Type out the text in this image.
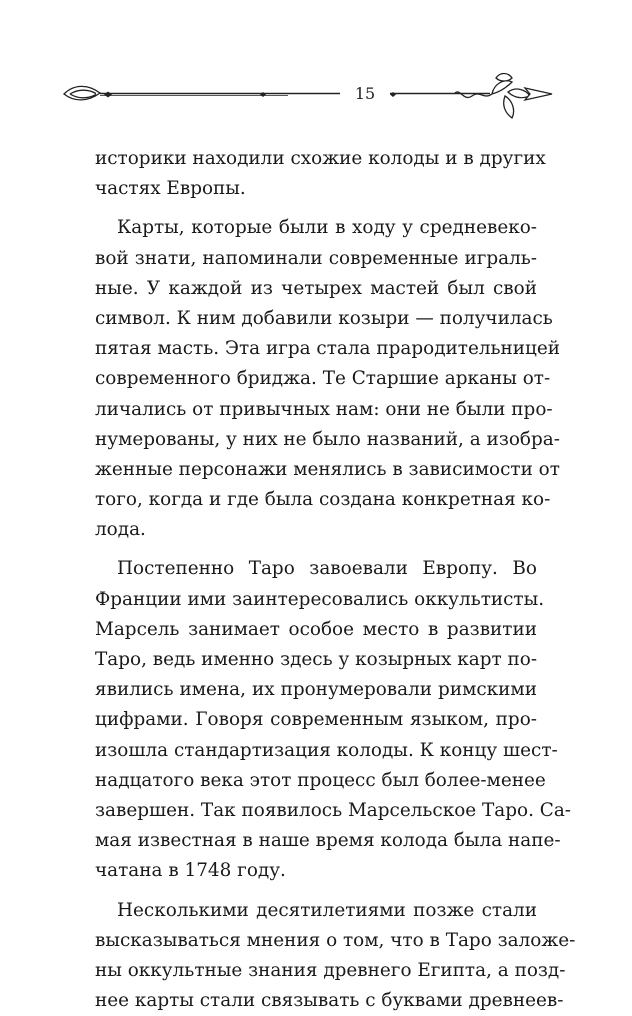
15
историки находили схожие колоды и в других
частях Европы.
Карты, которые были в ходу у средневеко-
вой знати, напоминали современные играль-
ные. У каждой из четырех мастей был свой
символ. К ним добавили козыри — получилась
пятая масть. Эта игра стала прародительницей
современного бриджа. Те Старшие арканы от-
личались от привычных нам: они не были про-
нумерованы, у них не было названий, а изобра-
женные персонажи менялись в зависимости от
того, когда и где была создана конкретная ко-
лода.
Постепенно Таро завоевали Европу. Во
Франции ими заинтересовались оккультисты.
Марсель занимает особое место в развитии
Таро, ведь именно здесь у козырных карт по-
явились имена, их пронумеровали римскими
цифрами. Говоря современным языком, про-
изошла стандартизация колоды. К концу шест-
надцатого века этот процесс был более-менее
завершен. Так появилось Марсельское Таро. Са-
мая известная в наше время колода была напе-
чатана в 1748 году.
Несколькими десятилетиями позже стали
высказываться мнения о том, что в Таро заложе-
ны оккультные знания древнего Египта, а позд-
нее карты стали связывать с буквами древнеев-
